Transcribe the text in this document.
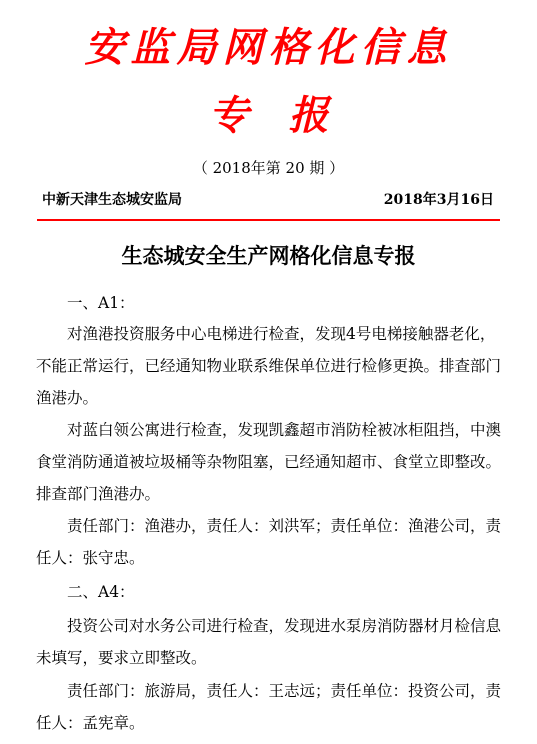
安监局网格化信息
专报
（ 2018年第 20 期 ）
中新天津生态城安监局	2018年3月16日
生态城安全生产网格化信息专报
一、A1：
对渔港投资服务中心电梯进行检查，发现4号电梯接触器老化，不能正常运行，已经通知物业联系维保单位进行检修更换。排查部门渔港办。
对蓝白领公寓进行检查，发现凯鑫超市消防栓被冰柜阻挡，中澳食堂消防通道被垃圾桶等杂物阻塞，已经通知超市、食堂立即整改。排查部门渔港办。
责任部门：渔港办，责任人：刘洪军；责任单位：渔港公司，责任人：张守忠。
二、A4：
投资公司对水务公司进行检查，发现进水泵房消防器材月检信息未填写，要求立即整改。
责任部门：旅游局，责任人：王志远；责任单位：投资公司，责任人：孟宪章。
